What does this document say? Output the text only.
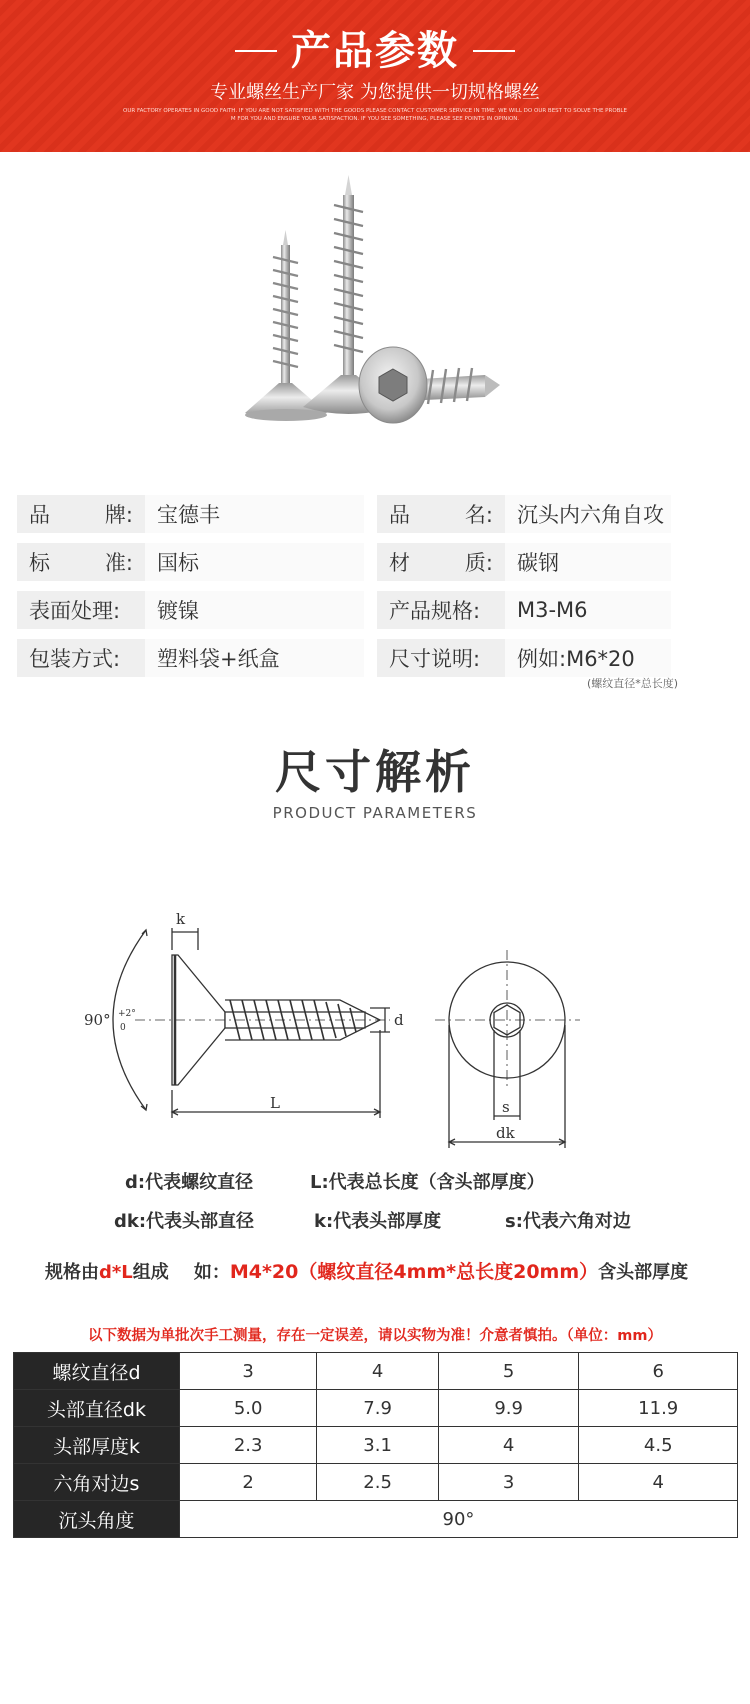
产品参数
专业螺丝生产厂家 为您提供一切规格螺丝
OUR FACTORY OPERATES IN GOOD FAITH. IF YOU ARE NOT SATISFIED WITH THE GOODS PLEASE CONTACT CUSTOMER SERVICE IN TIME. WE WILL DO OUR BEST TO SOLVE THE PROBLE
M FOR YOU AND ENSURE YOUR SATISFACTION. IF YOU SEE SOMETHING, PLEASE SEE POINTS IN OPINION.
品	牌:	宝德丰	品	名:	沉头内六角自攻
标	准:	国标	材	质:	碳钢
表面处理:	镀镍	产品规格:	M3-M6
包装方式:	塑料袋+纸盒	尺寸说明:	例如:M6*20
(螺纹直径*总长度)
尺寸解析
PRODUCT PARAMETERS
k
d
L
90° +2°
0
s
dk
d:代表螺纹直径	L:代表总长度（含头部厚度）
dk:代表头部直径	k:代表头部厚度	s:代表六角对边
规格由d*L组成    如：M4*20（螺纹直径4mm*总长度20mm）含头部厚度
以下数据为单批次手工测量，存在一定误差，请以实物为准！介意者慎拍。（单位：mm）
螺纹直径d	3	4	5	6
头部直径dk	5.0	7.9	9.9	11.9
头部厚度k	2.3	3.1	4	4.5
六角对边s	2	2.5	3	4
沉头角度	90°			
